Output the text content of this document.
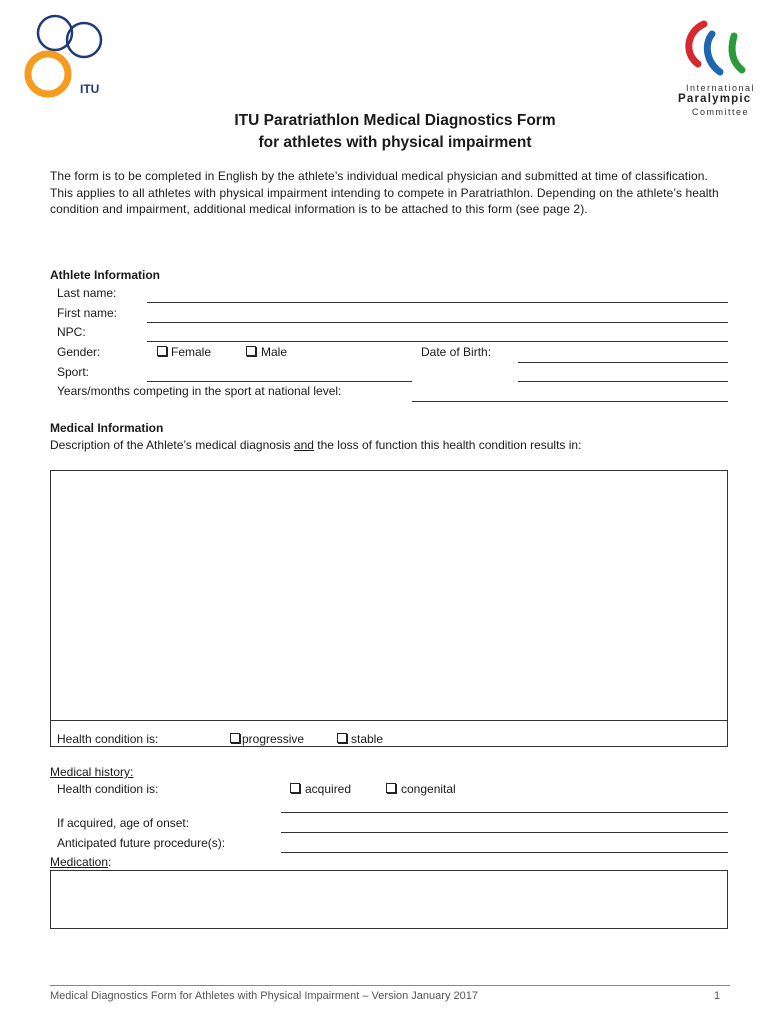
ITU	International
Paralympic
Committee
ITU Paratriathlon Medical Diagnostics Form
for athletes with physical impairment
The form is to be completed in English by the athlete’s individual medical physician and submitted at time of classification.
This applies to all athletes with physical impairment intending to compete in Paratriathlon. Depending on the athlete’s health condition and impairment, additional medical information is to be attached to this form (see page 2).
Athlete Information
Last name:
First name:
NPC:
Gender:	Female	Male	Date of Birth:
Sport:
Years/months competing in the sport at national level:
Medical Information
Description of the Athlete’s medical diagnosis and the loss of function this health condition results in:
Health condition is:	progressive	stable
Medical history:
Health condition is:	acquired	congenital
If acquired, age of onset:
Anticipated future procedure(s):
Medication:
Medical Diagnostics Form for Athletes with Physical Impairment – Version January 2017	1
